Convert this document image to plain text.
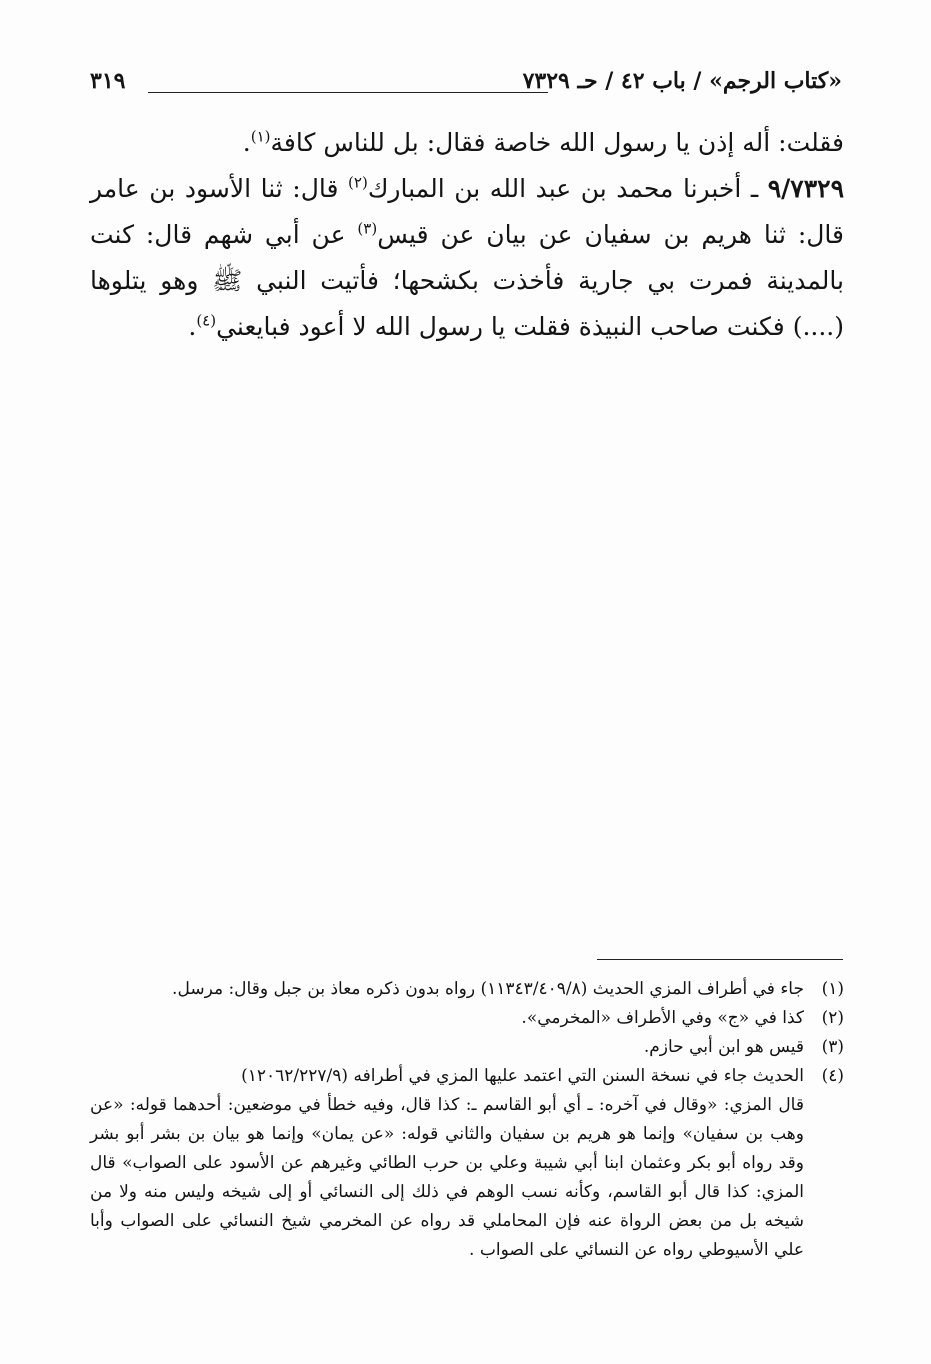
«كتاب الرجم» / باب ٤٢ / حـ ٧٣٢٩
٣١٩

فقلت: أله إذن يا رسول الله خاصة فقال: بل للناس كافة$^{(١)}$.

٩/٧٣٢٩ ـ أخبرنا محمد بن عبد الله بن المبارك$^{(٢)}$ قال: ثنا الأسود بن عامر قال: ثنا هريم بن سفيان عن بيان عن قيس$^{(٣)}$ عن أبي شهم قال: كنت بالمدينة فمرت بي جارية فأخذت بكشحها؛ فأتيت النبي ﷺ وهو يتلوها (....) فكنت صاحب النبيذة فقلت يا رسول الله لا أعود فبايعني$^{(٤)}$.

(١)
جاء في أطراف المزي الحديث (١١٣٤٣/٤٠٩/٨) رواه بدون ذكره معاذ بن جبل وقال: مرسل.
(٢)
كذا في «ج» وفي الأطراف «المخرمي».
(٣)
قيس هو ابن أبي حازم.
(٤)
الحديث جاء في نسخة السنن التي اعتمد عليها المزي في أطرافه (١٢٠٦٢/٢٢٧/٩)
قال المزي: «وقال في آخره: ـ أي أبو القاسم ـ: كذا قال، وفيه خطأ في موضعين: أحدهما قوله: «عن وهب بن سفيان» وإنما هو هريم بن سفيان والثاني قوله: «عن يمان» وإنما هو بيان بن بشر أبو بشر وقد رواه أبو بكر وعثمان ابنا أبي شيبة وعلي بن حرب الطائي وغيرهم عن الأسود على الصواب» قال المزي: كذا قال أبو القاسم، وكأنه نسب الوهم في ذلك إلى النسائي أو إلى شيخه وليس منه ولا من شيخه بل من بعض الرواة عنه فإن المحاملي قد رواه عن المخرمي شيخ النسائي على الصواب وأبا علي الأسيوطي رواه عن النسائي على الصواب .
